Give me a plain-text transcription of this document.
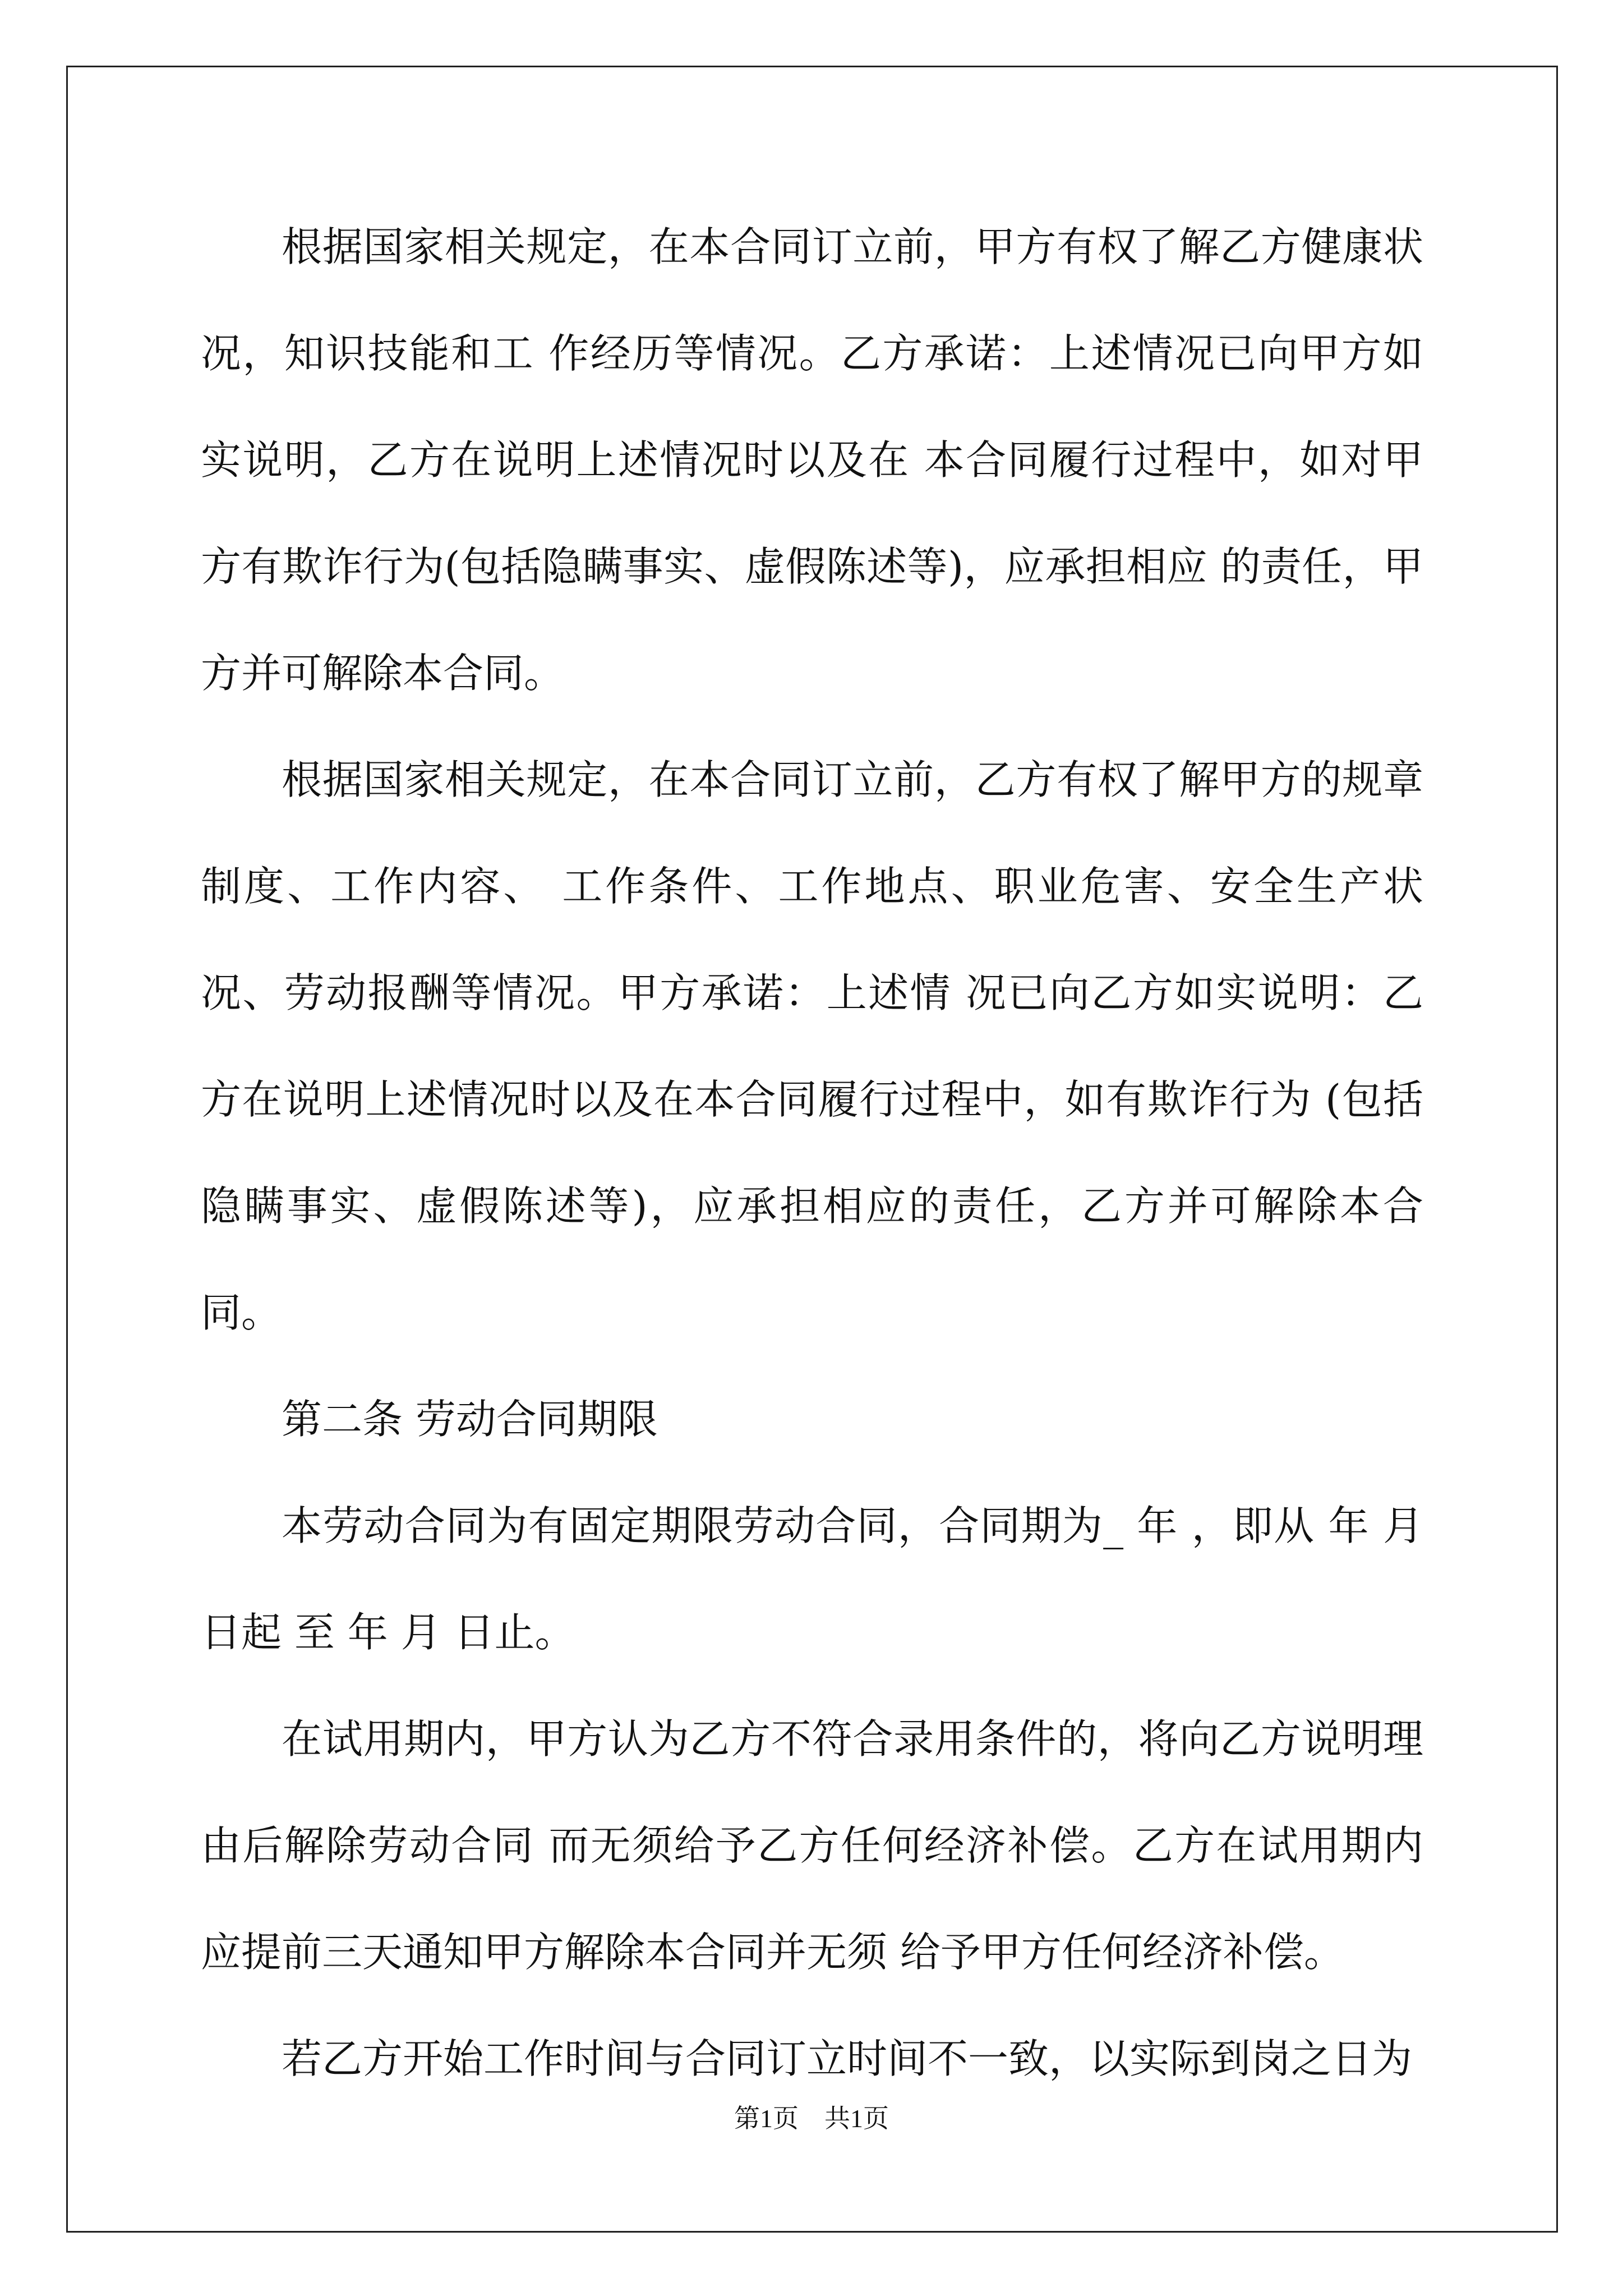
根据国家相关规定，在本合同订立前，甲方有权了解乙方健康状况，知识技能和工 作经历等情况。乙方承诺：上述情况已向甲方如实说明，乙方在说明上述情况时以及在 本合同履行过程中，如对甲方有欺诈行为(包括隐瞒事实、虚假陈述等)，应承担相应 的责任，甲方并可解除本合同。

根据国家相关规定，在本合同订立前，乙方有权了解甲方的规章制度、工作内容、 工作条件、工作地点、职业危害、安全生产状况、劳动报酬等情况。甲方承诺：上述情 况已向乙方如实说明：乙方在说明上述情况时以及在本合同履行过程中，如有欺诈行为 (包括隐瞒事实、虚假陈述等)，应承担相应的责任，乙方并可解除本合同。

第二条 劳动合同期限

本劳动合同为有固定期限劳动合同，合同期为_ 年 ，即从 年 月 日起 至 年 月 日止。

在试用期内，甲方认为乙方不符合录用条件的，将向乙方说明理由后解除劳动合同 而无须给予乙方任何经济补偿。乙方在试用期内应提前三天通知甲方解除本合同并无须 给予甲方任何经济补偿。

若乙方开始工作时间与合同订立时间不一致，以实际到岗之日为

第1页　共1页
